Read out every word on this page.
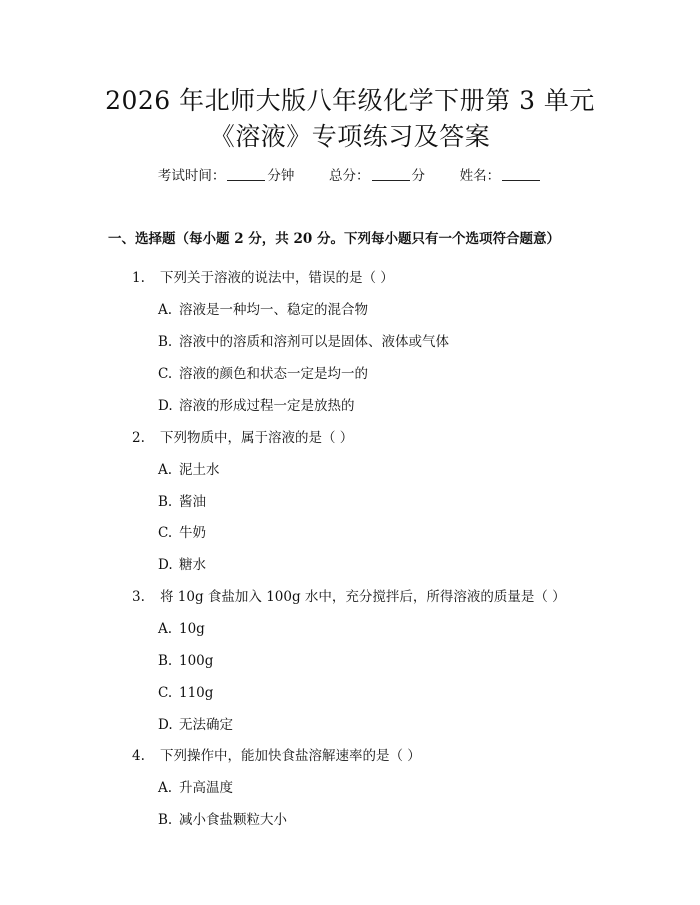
2026 年北师大版八年级化学下册第 3 单元
《溶液》专项练习及答案
考试时间：	分钟	总分：	分	姓名：
一、选择题（每小题 2 分，共 20 分。下列每小题只有一个选项符合题意）
1. 下列关于溶液的说法中，错误的是（ ）
A. 溶液是一种均一、稳定的混合物
B. 溶液中的溶质和溶剂可以是固体、液体或气体
C. 溶液的颜色和状态一定是均一的
D. 溶液的形成过程一定是放热的
2. 下列物质中，属于溶液的是（ ）
A. 泥土水
B. 酱油
C. 牛奶
D. 糖水
3. 将 10g 食盐加入 100g 水中，充分搅拌后，所得溶液的质量是（ ）
A. 10g
B. 100g
C. 110g
D. 无法确定
4. 下列操作中，能加快食盐溶解速率的是（ ）
A. 升高温度
B. 减小食盐颗粒大小
